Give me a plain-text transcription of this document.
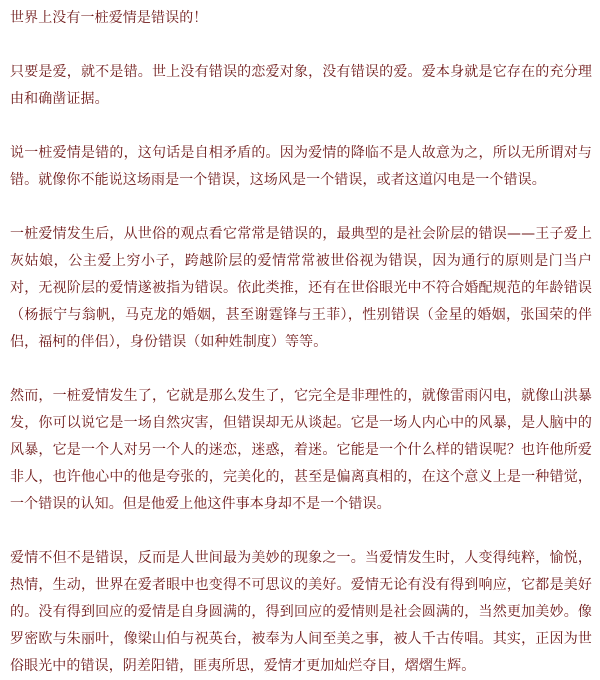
世界上没有一桩爱情是错误的！

只要是爱，就不是错。世上没有错误的恋爱对象，没有错误的爱。爱本身就是它存在的充分理由和确凿证据。

说一桩爱情是错的，这句话是自相矛盾的。因为爱情的降临不是人故意为之，所以无所谓对与错。就像你不能说这场雨是一个错误，这场风是一个错误，或者这道闪电是一个错误。

一桩爱情发生后，从世俗的观点看它常常是错误的，最典型的是社会阶层的错误——王子爱上灰姑娘，公主爱上穷小子，跨越阶层的爱情常常被世俗视为错误，因为通行的原则是门当户对，无视阶层的爱情遂被指为错误。依此类推，还有在世俗眼光中不符合婚配规范的年龄错误（杨振宁与翁帆，马克龙的婚姻，甚至谢霆锋与王菲），性别错误（金星的婚姻，张国荣的伴侣，福柯的伴侣），身份错误（如种姓制度）等等。

然而，一桩爱情发生了，它就是那么发生了，它完全是非理性的，就像雷雨闪电，就像山洪暴发，你可以说它是一场自然灾害，但错误却无从谈起。它是一场人内心中的风暴，是人脑中的风暴，它是一个人对另一个人的迷恋，迷惑，着迷。它能是一个什么样的错误呢？也许他所爱非人，也许他心中的他是夸张的，完美化的，甚至是偏离真相的，在这个意义上是一种错觉，一个错误的认知。但是他爱上他这件事本身却不是一个错误。

爱情不但不是错误，反而是人世间最为美妙的现象之一。当爱情发生时，人变得纯粹，愉悦，热情，生动，世界在爱者眼中也变得不可思议的美好。爱情无论有没有得到响应，它都是美好的。没有得到回应的爱情是自身圆满的，得到回应的爱情则是社会圆满的，当然更加美妙。像罗密欧与朱丽叶，像梁山伯与祝英台，被奉为人间至美之事，被人千古传唱。其实，正因为世俗眼光中的错误，阴差阳错，匪夷所思，爱情才更加灿烂夺目，熠熠生辉。
